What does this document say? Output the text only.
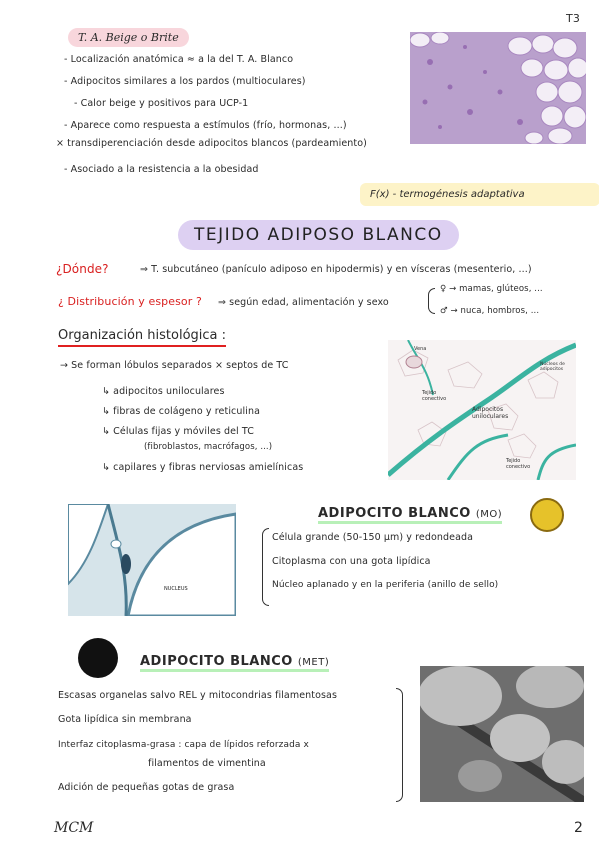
T3
T. A. Beige o Brite
- Localización anatómica ≈ a la del T. A. Blanco
- Adipocitos similares a los pardos (multioculares)
- Calor beige y positivos para UCP-1
- Aparece como respuesta a estímulos (frío, hormonas, ...)
× transdiperenciación desde adipocitos blancos (pardeamiento)
- Asociado a la resistencia a la obesidad
F(x) - termogénesis adaptativa
TEJIDO ADIPOSO BLANCO
¿Dónde?	⇒ T. subcutáneo (panículo adiposo en hipodermis) y en vísceras (mesenterio, ...)
¿ Distribución y espesor ? ⇒ según edad, alimentación y sexo
♀ → mamas, glúteos, ...
♂ → nuca, hombros, ...
Organización histológica :
→ Se forman lóbulos separados × septos de TC
↳ adipocitos uniloculares
↳ fibras de colágeno y reticulina
↳ Células fijas y móviles del TC
(fibroblastos, macrófagos, ...)
↳ capilares y fibras nerviosas amielínicas
Vena
Tejido conectivo
Adipocitos uniloculares
Núcleos de adipocitos
Tejido conectivo
ADIPOCITO BLANCO (MO)
NUCLEUS
Célula grande (50-150 µm) y redondeada
Citoplasma con una gota lipídica
Núcleo aplanado y en la periferia (anillo de sello)
ADIPOCITO BLANCO (MET)
Escasas organelas salvo REL y mitocondrias filamentosas
Gota lipídica sin membrana
Interfaz citoplasma-grasa : capa de lípidos reforzada x
filamentos de vimentina
Adición de pequeñas gotas de grasa
MCM	2
